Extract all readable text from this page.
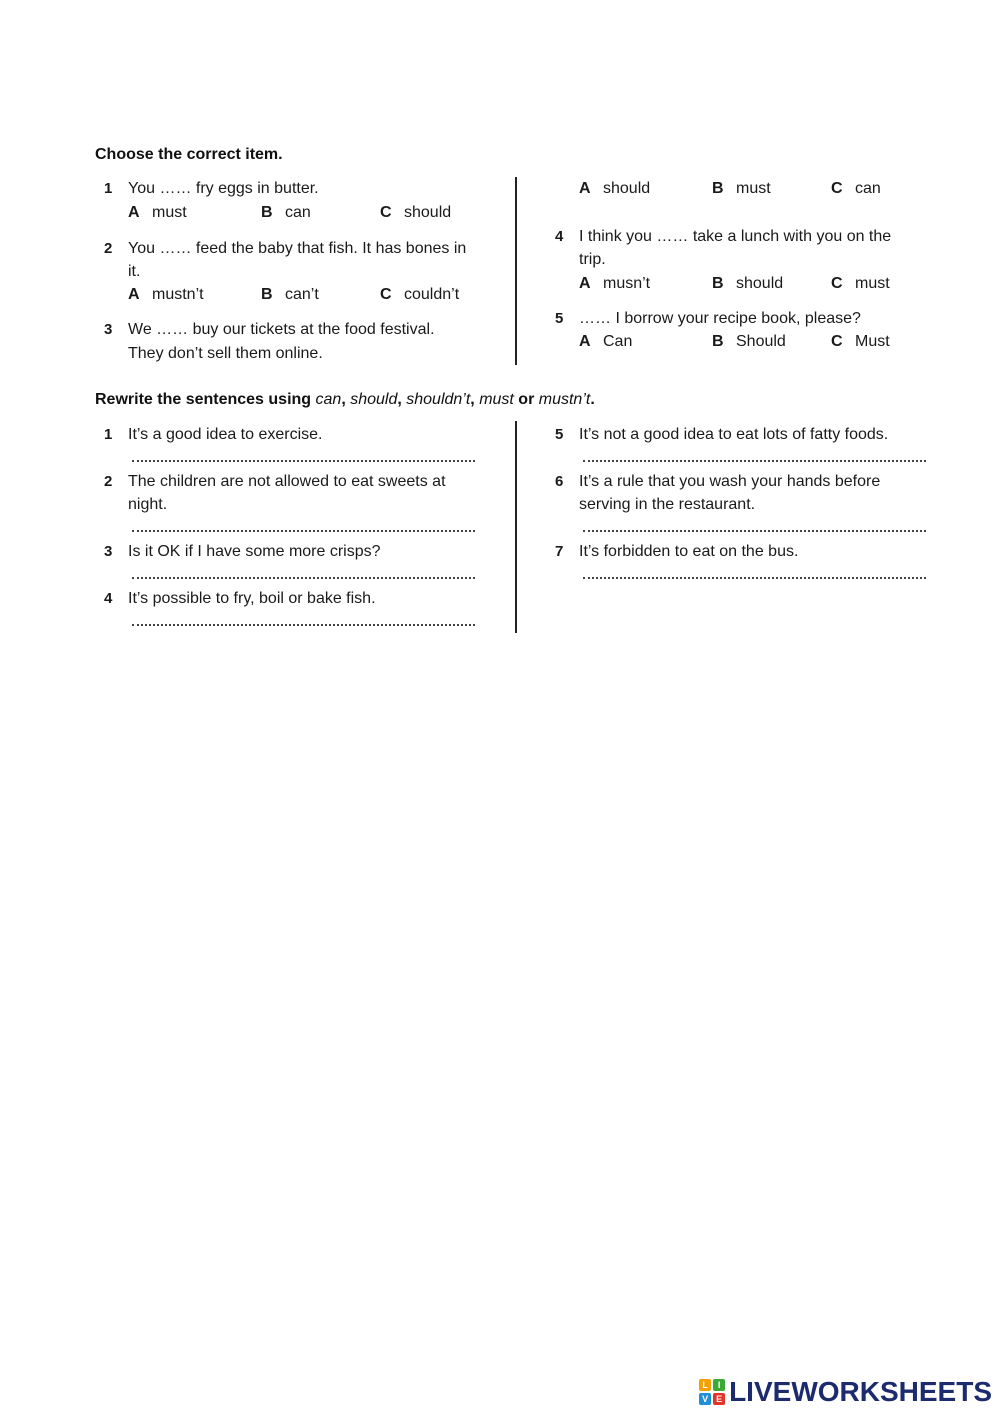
Choose the correct item.
1 You …… fry eggs in butter.
A must	B can	C should
2 You …… feed the baby that fish. It has bones in
it.
A mustn’t	B can’t	C couldn’t
3 We …… buy our tickets at the food festival.
They don’t sell them online.
A should	B must	C can
4 I think you …… take a lunch with you on the
trip.
A musn’t	B should	C must
5 …… I borrow your recipe book, please?
A Can	B Should	C Must
Rewrite the sentences using can, should, shouldn’t, must or mustn’t.
1 It’s a good idea to exercise.
2 The children are not allowed to eat sweets at
night.
3 Is it OK if I have some more crisps?
4 It’s possible to fry, boil or bake fish.
5 It’s not a good idea to eat lots of fatty foods.
6 It’s a rule that you wash your hands before
serving in the restaurant.
7 It’s forbidden to eat on the bus.
L	I
V E LIVEWORKSHEETS
